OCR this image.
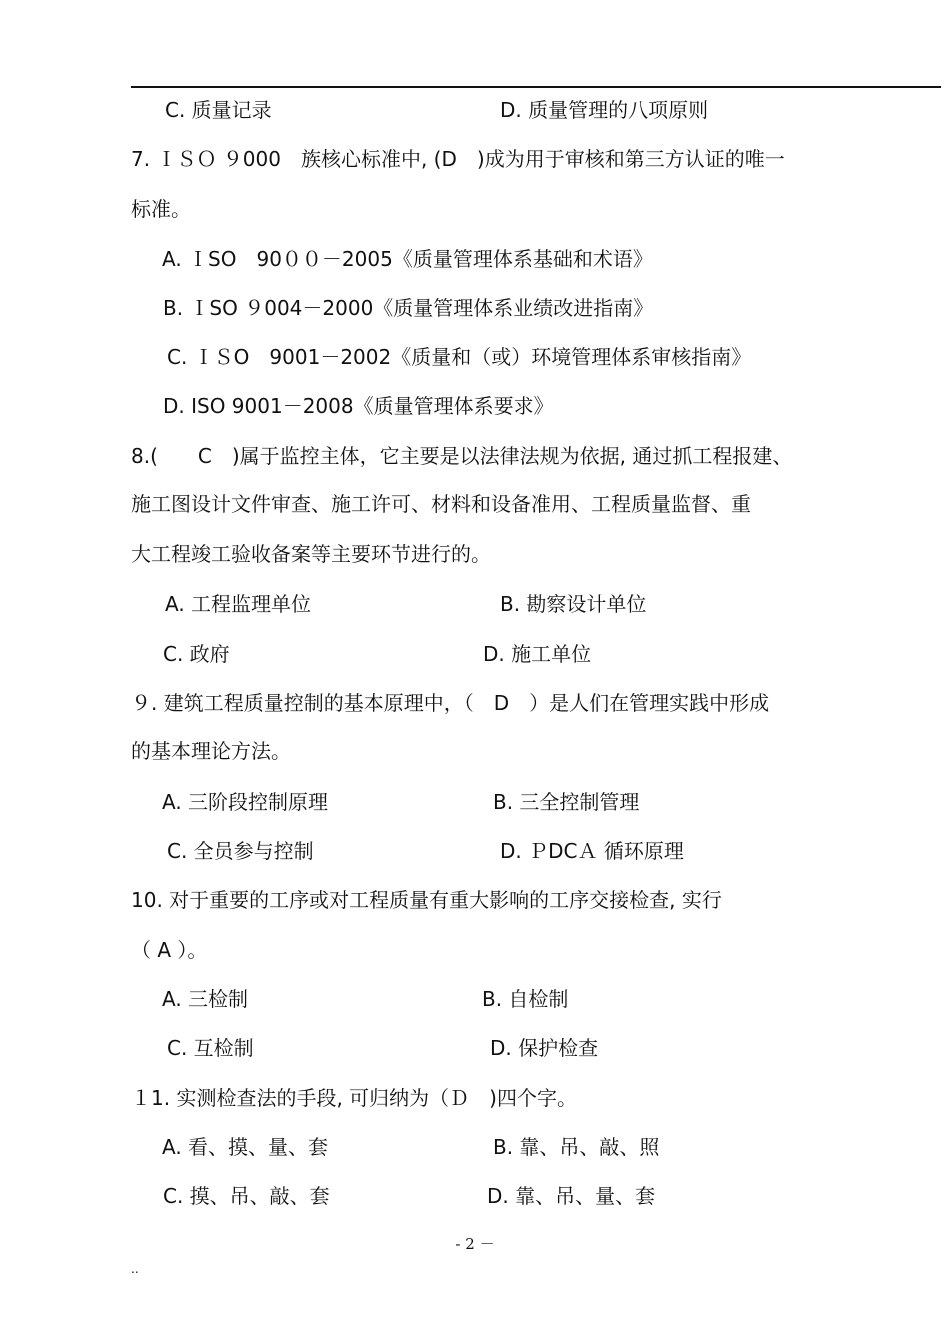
C. 质量记录	D. 质量管理的八项原则
7. ＩＳＯ ９000　族核心标准中, (D　)成为用于审核和第三方认证的唯一
标准。
A. ＩSO　90００－2005《质量管理体系基础和术语》
B. ＩSO ９004－2000《质量管理体系业绩改进指南》
C. ＩＳO　9001－2002《质量和（或）环境管理体系审核指南》
D. ISO 9001－2008《质量管理体系要求》
8.(　　C　)属于监控主体，它主要是以法律法规为依据, 通过抓工程报建、
施工图设计文件审查、施工许可、材料和设备准用、工程质量监督、重
大工程竣工验收备案等主要环节进行的。
A. 工程监理单位	B. 勘察设计单位
C. 政府	D. 施工单位
９. 建筑工程质量控制的基本原理中，（　D　）是人们在管理实践中形成
的基本理论方法。
A. 三阶段控制原理	B. 三全控制管理
C. 全员参与控制	D. ＰDCＡ 循环原理
10. 对于重要的工序或对工程质量有重大影响的工序交接检查, 实行
（ A ）。
A. 三检制	B. 自检制
C. 互检制	D. 保护检查
１1. 实测检查法的手段, 可归纳为（Ｄ　)四个字。
A. 看、摸、量、套	B. 靠、吊、敲、照
C. 摸、吊、敲、套	D. 靠、吊、量、套
- 2 －
..
